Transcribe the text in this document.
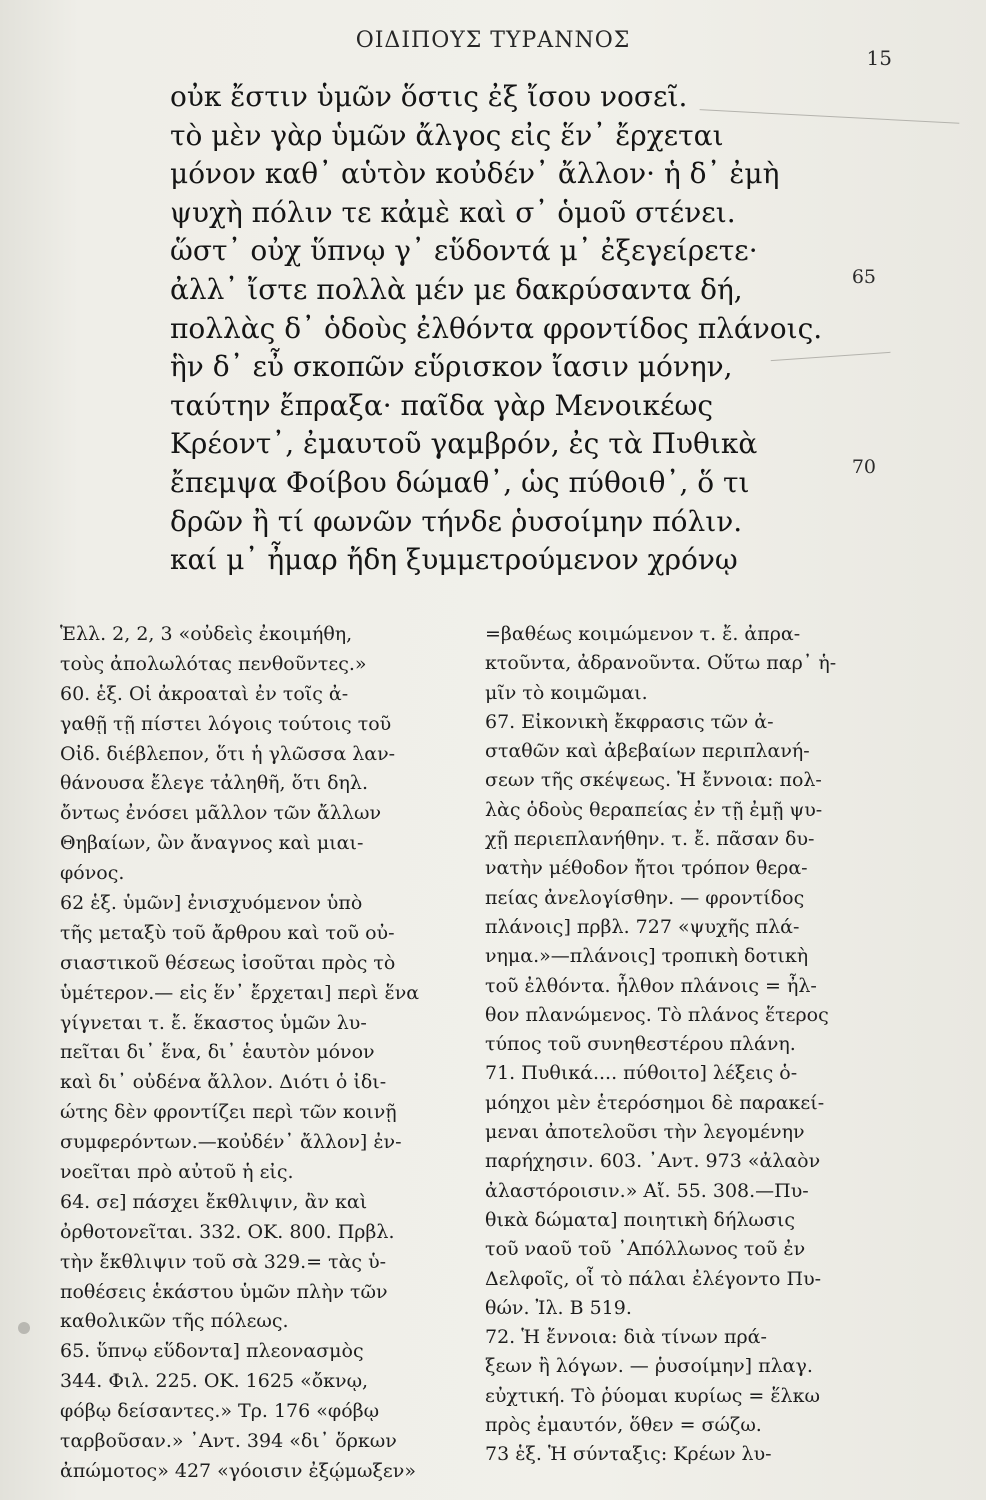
ΟΙΔΙΠΟΥΣ ΤΥΡΑΝΝΟΣ
15
οὐκ ἔστιν ὑμῶν ὅστις ἐξ ἴσου νοσεῖ.
τὸ μὲν γὰρ ὑμῶν ἄλγος εἰς ἕν᾽ ἔρχεται
μόνον καθ᾽ αὑτὸν κοὐδέν᾽ ἄλλον· ἡ δ᾽ ἐμὴ
ψυχὴ πόλιν τε κἀμὲ καὶ σ᾽ ὁμοῦ στένει.
ὥστ᾽ οὐχ ὕπνῳ γ᾽ εὕδοντά μ᾽ ἐξεγείρετε·
ἀλλ᾽ ἴστε πολλὰ μέν με δακρύσαντα δή,
πολλὰς δ᾽ ὁδοὺς ἐλθόντα φροντίδος πλάνοις.
ἣν δ᾽ εὖ σκοπῶν εὕρισκον ἴασιν μόνην,
ταύτην ἔπραξα· παῖδα γὰρ Μενοικέως
Κρέοντ᾽, ἐμαυτοῦ γαμβρόν, ἐς τὰ Πυθικὰ
ἔπεμψα Φοίβου δώμαθ᾽, ὡς πύθοιθ᾽, ὅ τι
δρῶν ἢ τί φωνῶν τήνδε ῥυσοίμην πόλιν.
καί μ᾽ ἦμαρ ἤδη ξυμμετρούμενον χρόνῳ
65
70
Ἑλλ. 2, 2, 3 «οὐδεὶς ἐκοιμήθη,
τοὺς ἀπολωλότας πενθοῦντες.»
60. ἑξ. Οἱ ἀκροαταὶ ἐν τοῖς ἀ-
γαθῇ τῇ πίστει λόγοις τούτοις τοῦ
Οἰδ. διέβλεπον, ὅτι ἡ γλῶσσα λαν-
θάνουσα ἔλεγε τἀληθῆ, ὅτι δηλ.
ὄντως ἐνόσει μᾶλλον τῶν ἄλλων
Θηβαίων, ὢν ἄναγνος καὶ μιαι-
φόνος.
62 ἑξ. ὑμῶν] ἐνισχυόμενον ὑπὸ
τῆς μεταξὺ τοῦ ἄρθρου καὶ τοῦ οὐ-
σιαστικοῦ θέσεως ἰσοῦται πρὸς τὸ
ὑμέτερον.— εἰς ἕν᾽ ἔρχεται] περὶ ἕνα
γίγνεται τ. ἔ. ἕκαστος ὑμῶν λυ-
πεῖται δι᾽ ἕνα, δι᾽ ἑαυτὸν μόνον
καὶ δι᾽ οὐδένα ἄλλον. Διότι ὁ ἰδι-
ώτης δὲν φροντίζει περὶ τῶν κοινῇ
συμφερόντων.—κοὐδέν᾽ ἄλλον] ἐν-
νοεῖται πρὸ αὐτοῦ ἡ εἰς.
64. σε] πάσχει ἔκθλιψιν, ἂν καὶ
ὀρθοτονεῖται. 332. ΟΚ. 800. Πρβλ.
τὴν ἔκθλιψιν τοῦ σὰ 329.= τὰς ὑ-
ποθέσεις ἑκάστου ὑμῶν πλὴν τῶν
καθολικῶν τῆς πόλεως.
65. ὕπνῳ εὕδοντα] πλεονασμὸς
344. Φιλ. 225. ΟΚ. 1625 «ὄκνῳ,
φόβῳ δείσαντες.» Τρ. 176 «φόβῳ
ταρβοῦσαν.» ᾽Αντ. 394 «δι᾽ ὅρκων
ἀπώμοτος» 427 «γόοισιν ἐξῴμωξεν»
=βαθέως κοιμώμενον τ. ἔ. ἀπρα-
κτοῦντα, ἀδρανοῦντα. Οὕτω παρ᾽ ἡ-
μῖν τὸ κοιμῶμαι.
67. Εἰκονικὴ ἔκφρασις τῶν ἀ-
σταθῶν καὶ ἀβεβαίων περιπλανή-
σεων τῆς σκέψεως. Ἡ ἔννοια: πολ-
λὰς ὁδοὺς θεραπείας ἐν τῇ ἐμῇ ψυ-
χῇ περιεπλανήθην. τ. ἔ. πᾶσαν δυ-
νατὴν μέθοδον ἤτοι τρόπον θερα-
πείας ἀνελογίσθην. — φροντίδος
πλάνοις] πρβλ. 727 «ψυχῆς πλά-
νημα.»—πλάνοις] τροπικὴ δοτικὴ
τοῦ ἐλθόντα. ἦλθον πλάνοις = ἦλ-
θον πλανώμενος. Τὸ πλάνος ἕτερος
τύπος τοῦ συνηθεστέρου πλάνη.
71. Πυθικά.... πύθοιτο] λέξεις ὁ-
μόηχοι μὲν ἑτερόσημοι δὲ παρακεί-
μεναι ἀποτελοῦσι τὴν λεγομένην
παρήχησιν. 603. ᾽Αντ. 973 «ἀλαὸν
ἀλαστόροισιν.» Αἴ. 55. 308.—Πυ-
θικὰ δώματα] ποιητικὴ δήλωσις
τοῦ ναοῦ τοῦ ᾽Απόλλωνος τοῦ ἐν
Δελφοῖς, οἷ τὸ πάλαι ἐλέγοντο Πυ-
θών. Ἰλ. Β 519.
72. Ἡ ἔννοια: διὰ τίνων πρά-
ξεων ἢ λόγων. — ῥυσοίμην] πλαγ.
εὐχτική. Τὸ ῥύομαι κυρίως = ἕλκω
πρὸς ἐμαυτόν, ὅθεν = σώζω.
73 ἑξ. Ἡ σύνταξις: Κρέων λυ-
